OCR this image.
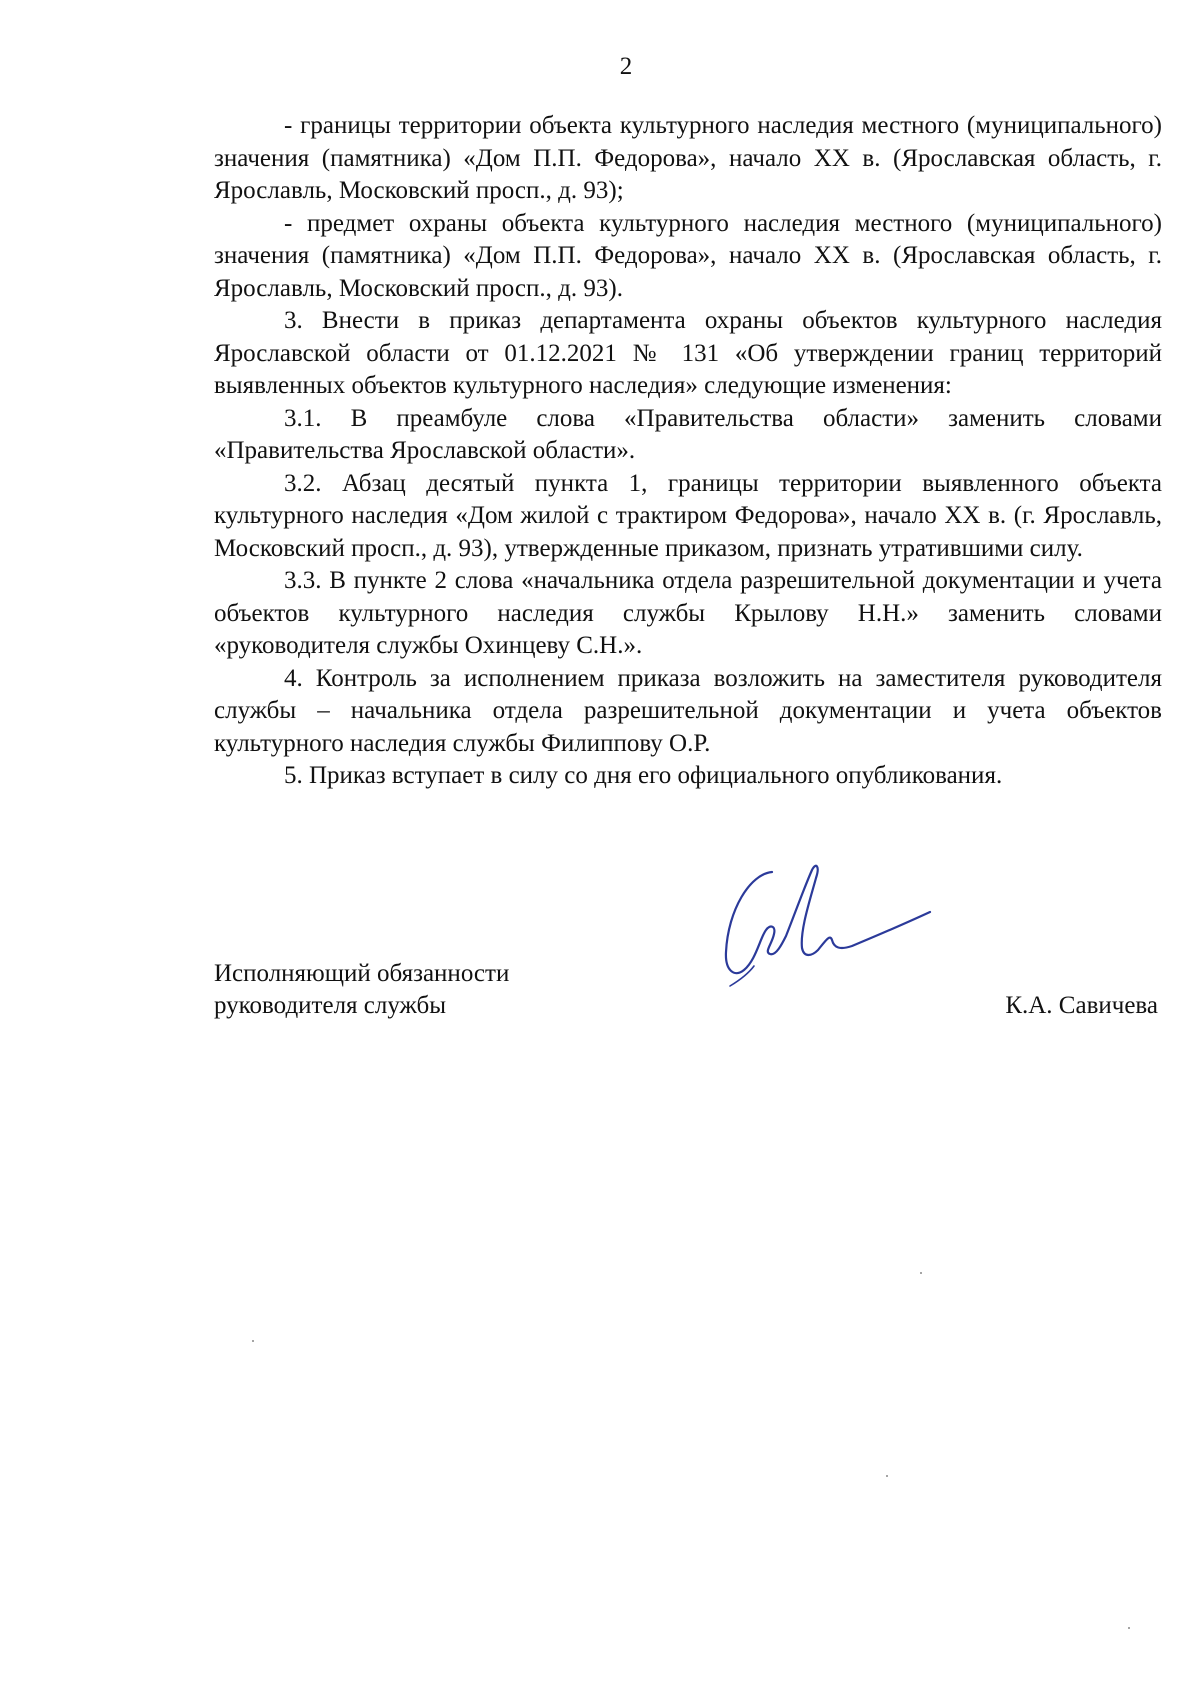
2

- границы территории объекта культурного наследия местного (муниципального) значения (памятника) «Дом П.П. Федорова», начало XX в. (Ярославская область, г. Ярославль, Московский просп., д. 93);

- предмет охраны объекта культурного наследия местного (муниципального) значения (памятника) «Дом П.П. Федорова», начало XX в. (Ярославская область, г. Ярославль, Московский просп., д. 93).

3. Внести в приказ департамента охраны объектов культурного наследия Ярославской области от 01.12.2021 № 131 «Об утверждении границ территорий выявленных объектов культурного наследия» следующие изменения:

3.1. В преамбуле слова «Правительства области» заменить словами «Правительства Ярославской области».

3.2. Абзац десятый пункта 1, границы территории выявленного объекта культурного наследия «Дом жилой с трактиром Федорова», начало XX в. (г. Ярославль, Московский просп., д. 93), утвержденные приказом, признать утратившими силу.

3.3. В пункте 2 слова «начальника отдела разрешительной документации и учета объектов культурного наследия службы Крылову Н.Н.» заменить словами «руководителя службы Охинцеву С.Н.».

4. Контроль за исполнением приказа возложить на заместителя руководителя службы – начальника отдела разрешительной документации и учета объектов культурного наследия службы Филиппову О.Р.

5. Приказ вступает в силу со дня его официального опубликования.

Исполняющий обязанности
руководителя службы	К.А. Савичева
